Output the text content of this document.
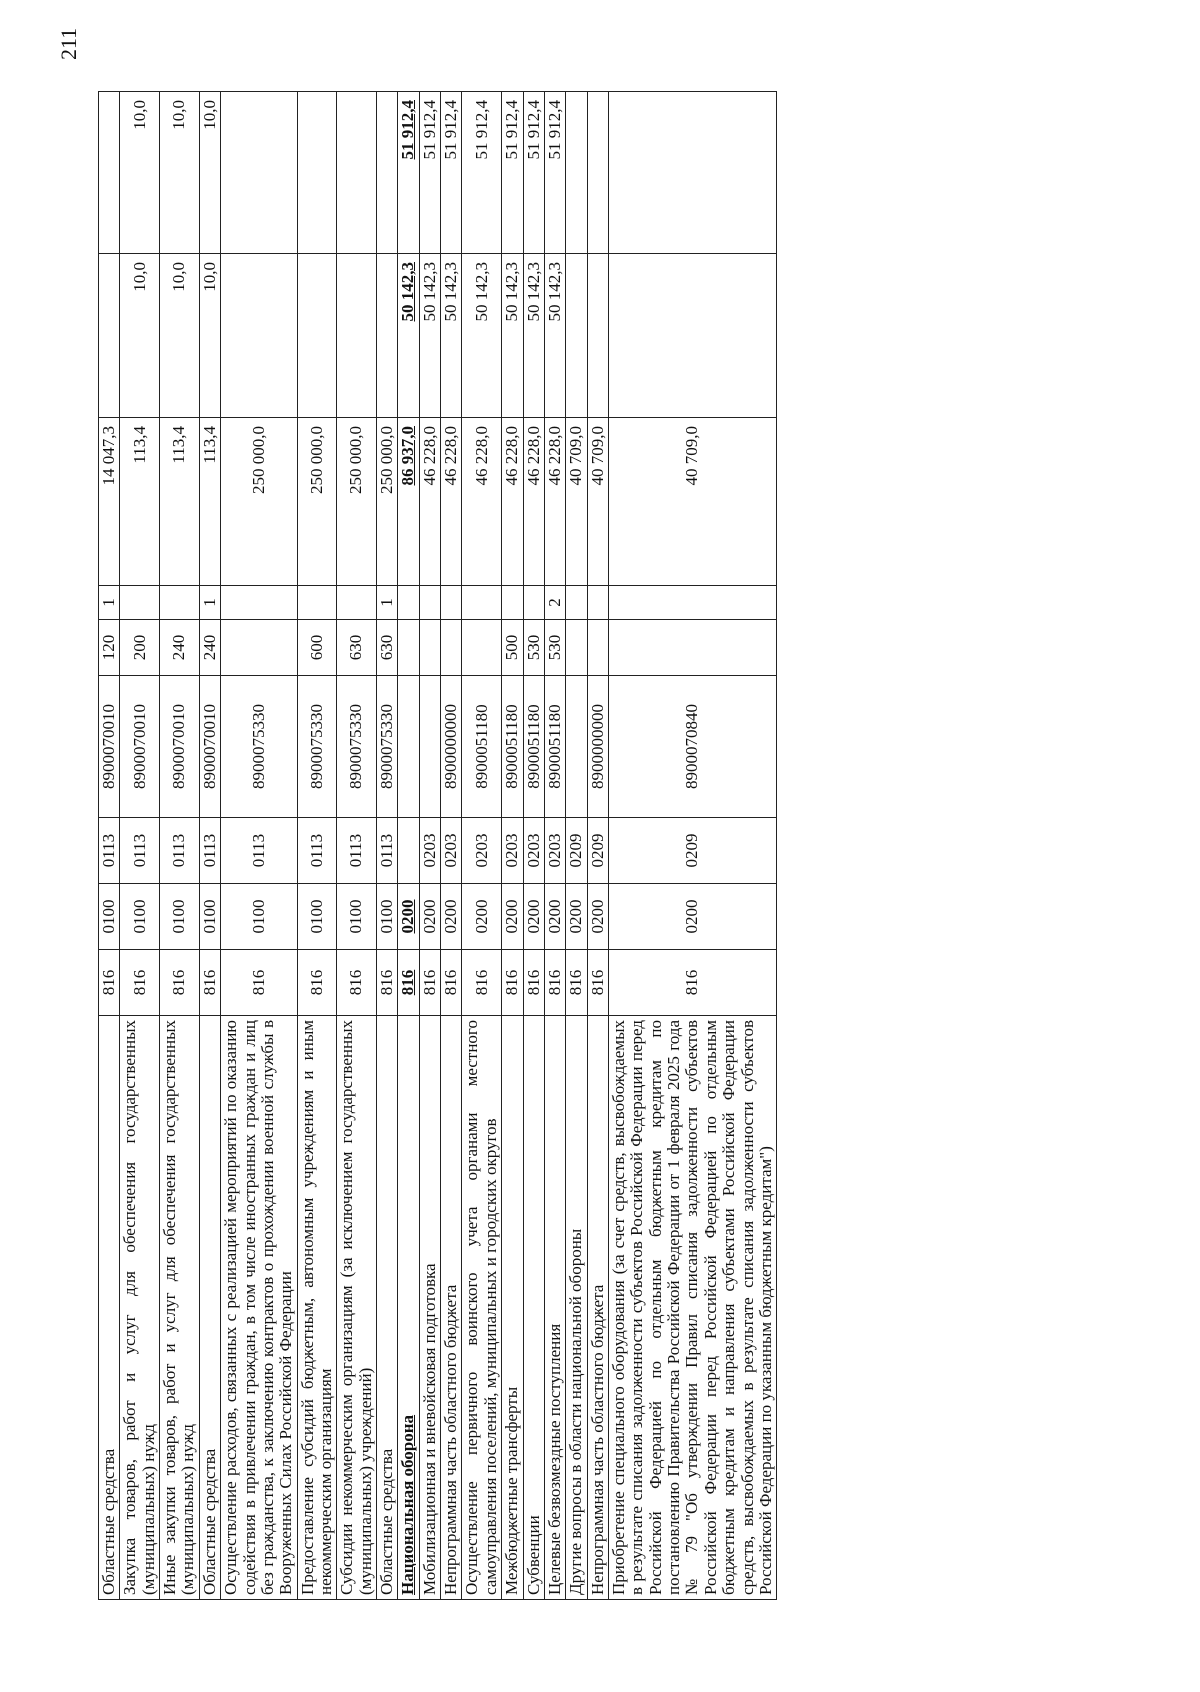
211
Областные средства	816	0100	0113	8900070010	120	1	14 047,3		
Закупка товаров, работ и услуг для обеспечения государственных (муниципальных) нужд	816	0100	0113	8900070010	200		113,4	10,0	10,0
Иные закупки товаров, работ и услуг для обеспечения государственных (муниципальных) нужд	816	0100	0113	8900070010	240		113,4	10,0	10,0
Областные средства	816	0100	0113	8900070010	240	1	113,4	10,0	10,0
Осуществление расходов, связанных с реализацией мероприятий по оказанию содействия в привлечении граждан, в том числе иностранных граждан и лиц без гражданства, к заключению контрактов о прохождении военной службы в Вооруженных Силах Российской Федерации	816	0100	0113	8900075330			250 000,0		
Предоставление субсидий бюджетным, автономным учреждениям и иным некоммерческим организациям	816	0100	0113	8900075330	600		250 000,0		
Субсидии некоммерческим организациям (за исключением государственных (муниципальных) учреждений)	816	0100	0113	8900075330	630		250 000,0		
Областные средства	816	0100	0113	8900075330	630	1	250 000,0		
Национальная оборона	816	0200					86 937,0	50 142,3	51 912,4
Мобилизационная и вневойсковая подготовка	816	0200	0203				46 228,0	50 142,3	51 912,4
Непрограммная часть областного бюджета	816	0200	0203	8900000000			46 228,0	50 142,3	51 912,4
Осуществление первичного воинского учета органами местного самоуправления поселений, муниципальных и городских округов	816	0200	0203	8900051180			46 228,0	50 142,3	51 912,4
Межбюджетные трансферты	816	0200	0203	8900051180	500		46 228,0	50 142,3	51 912,4
Субвенции	816	0200	0203	8900051180	530		46 228,0	50 142,3	51 912,4
Целевые безвозмездные поступления	816	0200	0203	8900051180	530	2	46 228,0	50 142,3	51 912,4
Другие вопросы в области национальной обороны	816	0200	0209				40 709,0		
Непрограммная часть областного бюджета	816	0200	0209	8900000000			40 709,0		
Приобретение специального оборудования (за счет средств, высвобождаемых в результате списания задолженности субъектов Российской Федерации перед Российской Федерацией по отдельным бюджетным кредитам по постановлению Правительства Российской Федерации от 1 февраля 2025 года № 79 "Об утверждении Правил списания задолженности субъектов Российской Федерации перед Российской Федерацией по отдельным бюджетным кредитам и направления субъектами Российской Федерации средств, высвобождаемых в результате списания задолженности субъектов Российской Федерации по указанным бюджетным кредитам")	816	0200	0209	8900070840			40 709,0		
